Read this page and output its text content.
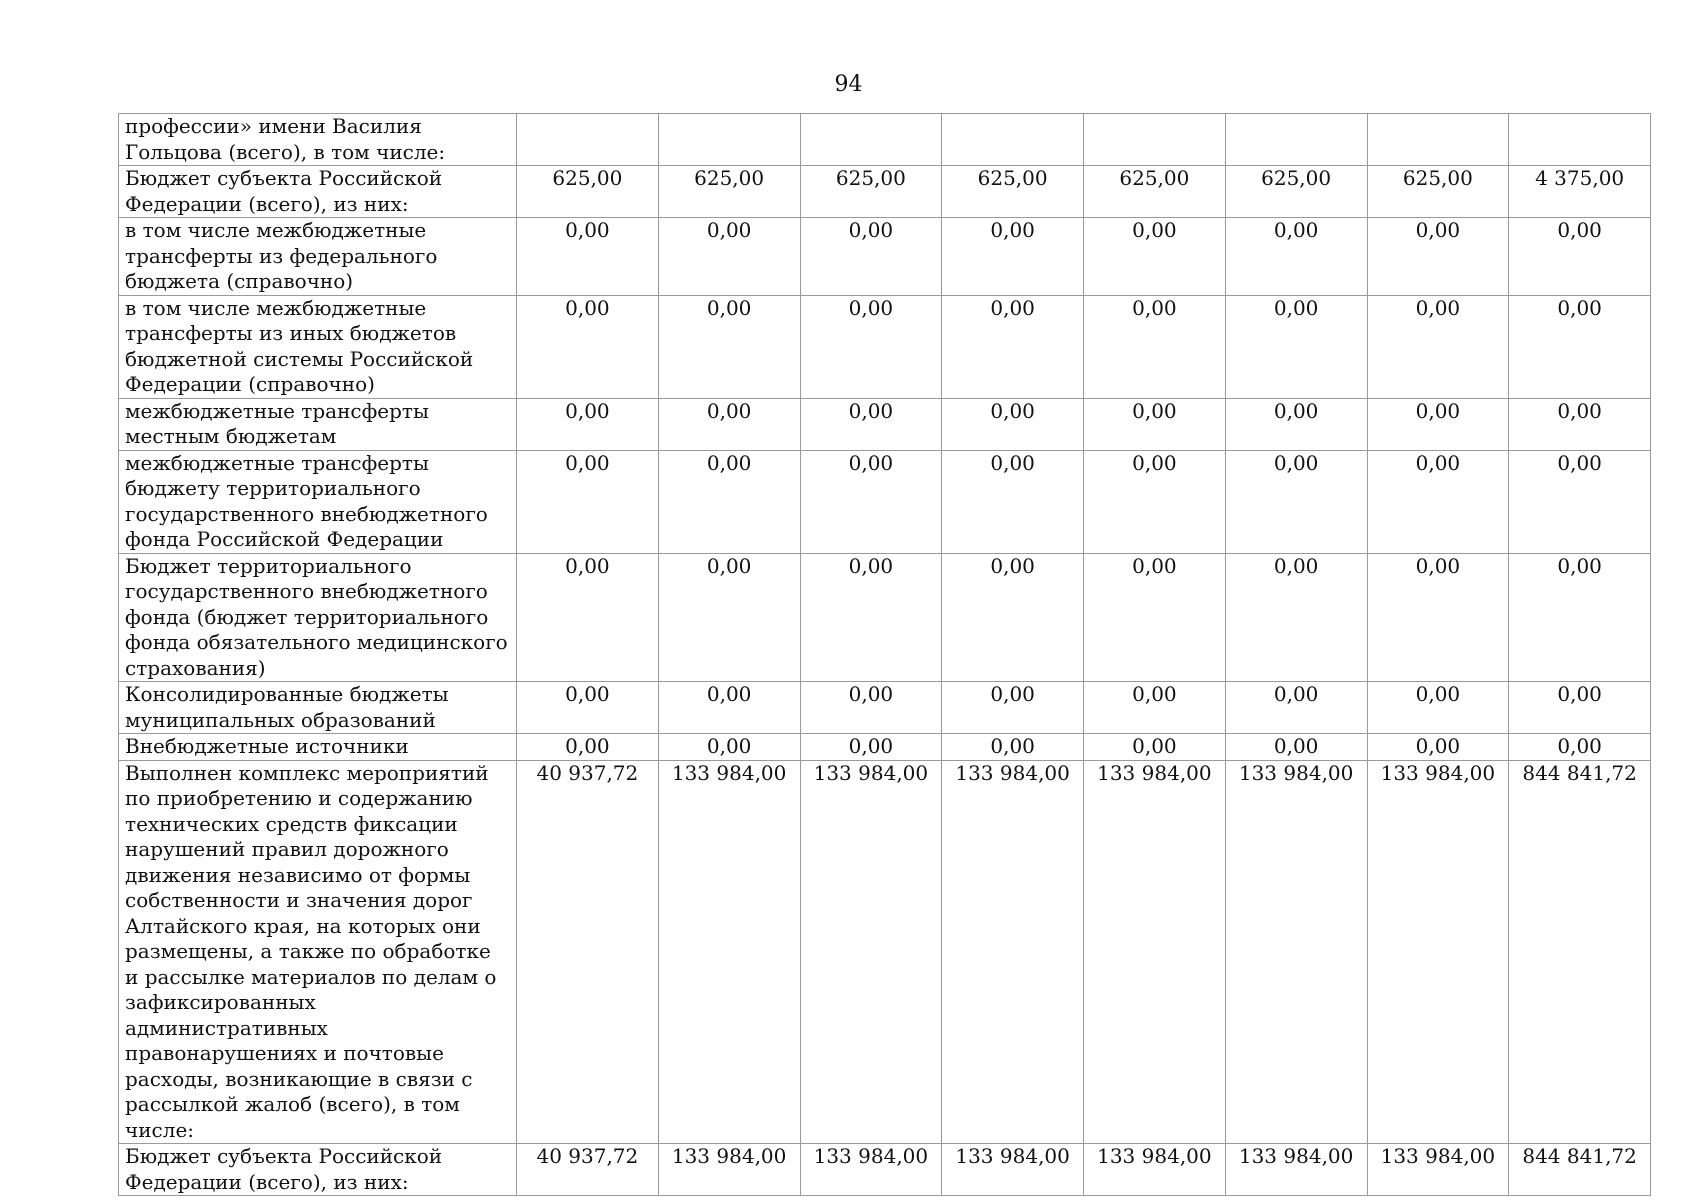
94
профессии» имени Василия Гольцова (всего), в том числе:								
Бюджет субъекта Российской Федерации (всего), из них:	625,00	625,00	625,00	625,00	625,00	625,00	625,00	4 375,00
в том числе межбюджетные трансферты из федерального бюджета (справочно)	0,00	0,00	0,00	0,00	0,00	0,00	0,00	0,00
в том числе межбюджетные трансферты из иных бюджетов бюджетной системы Российской Федерации (справочно)	0,00	0,00	0,00	0,00	0,00	0,00	0,00	0,00
межбюджетные трансферты местным бюджетам	0,00	0,00	0,00	0,00	0,00	0,00	0,00	0,00
межбюджетные трансферты бюджету территориального государственного внебюджетного фонда Российской Федерации	0,00	0,00	0,00	0,00	0,00	0,00	0,00	0,00
Бюджет территориального государственного внебюджетного фонда (бюджет территориального фонда обязательного медицинского страхования)	0,00	0,00	0,00	0,00	0,00	0,00	0,00	0,00
Консолидированные бюджеты муниципальных образований	0,00	0,00	0,00	0,00	0,00	0,00	0,00	0,00
Внебюджетные источники	0,00	0,00	0,00	0,00	0,00	0,00	0,00	0,00
Выполнен комплекс мероприятий по приобретению и содержанию технических средств фиксации нарушений правил дорожного движения независимо от формы собственности и значения дорог Алтайского края, на которых они размещены, а также по обработке и рассылке материалов по делам о зафиксированных административных правонарушениях и почтовые расходы, возникающие в связи с рассылкой жалоб (всего), в том числе:	40 937,72	133 984,00	133 984,00	133 984,00	133 984,00	133 984,00	133 984,00	844 841,72
Бюджет субъекта Российской Федерации (всего), из них:	40 937,72	133 984,00	133 984,00	133 984,00	133 984,00	133 984,00	133 984,00	844 841,72
